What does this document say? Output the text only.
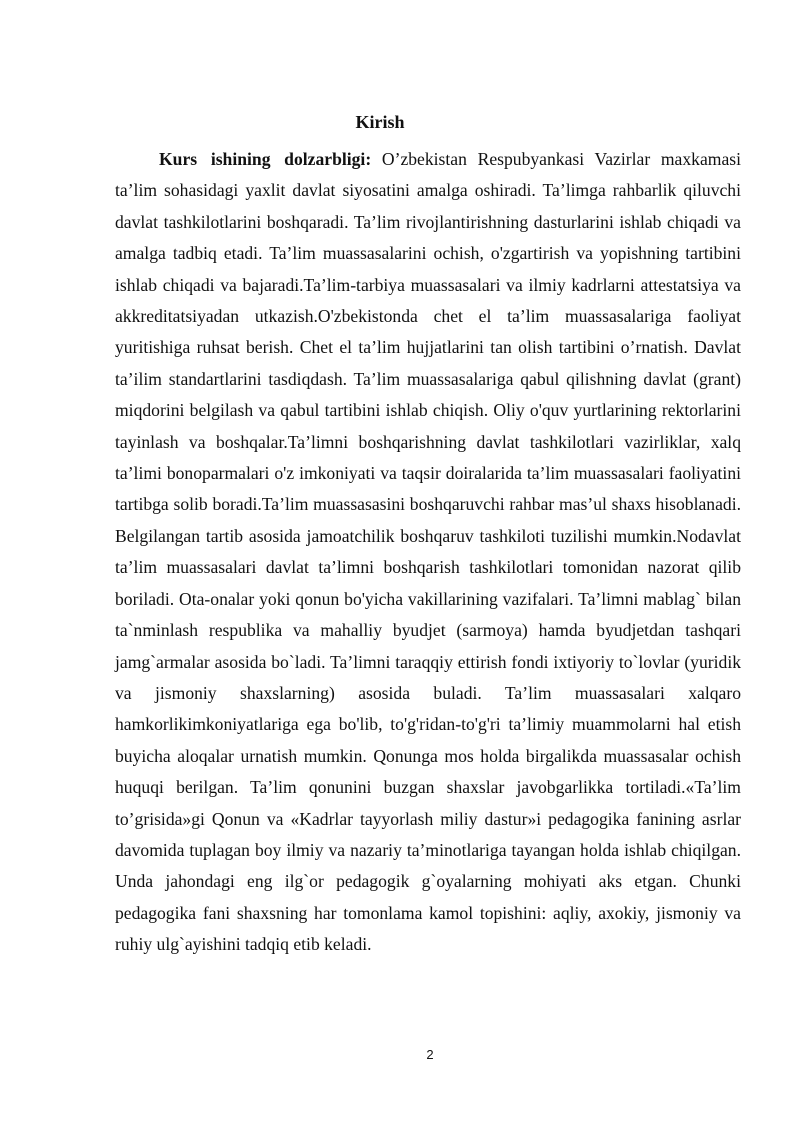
Kirish

Kurs ishining dolzarbligi: O’zbekistan Respubyankasi Vazirlar maxkamasi ta’lim sohasidagi yaxlit davlat siyosatini amalga oshiradi. Ta’limga rahbarlik qiluvchi davlat tashkilotlarini boshqaradi. Ta’lim rivojlantirishning dasturlarini ishlab chiqadi va amalga tadbiq etadi. Ta’lim muassasalarini ochish, o'zgartirish va yopishning tartibini ishlab chiqadi va bajaradi.Ta’lim-tarbiya muassasalari va ilmiy kadrlarni attestatsiya va akkreditatsiyadan utkazish.O'zbekistonda chet el ta’lim muassasalariga faoliyat yuritishiga ruhsat berish. Chet el ta’lim hujjatlarini tan olish tartibini o’rnatish. Davlat ta’ilim standartlarini tasdiqdash. Ta’lim muassasalariga qabul qilishning davlat (grant) miqdorini belgilash va qabul tartibini ishlab chiqish. Oliy o'quv yurtlarining rektorlarini tayinlash va boshqalar.Ta’limni boshqarishning davlat tashkilotlari vazirliklar, xalq ta’limi bonoparmalari o'z imkoniyati va taqsir doiralarida ta’lim muassasalari faoliyatini tartibga solib boradi.Ta’lim muassasasini boshqaruvchi rahbar mas’ul shaxs hisoblanadi. Belgilangan tartib asosida jamoatchilik boshqaruv tashkiloti tuzilishi mumkin.Nodavlat ta’lim muassasalari davlat ta’limni boshqarish tashkilotlari tomonidan nazorat qilib boriladi. Ota-onalar yoki qonun bo'yicha vakillarining vazifalari. Ta’limni mablag` bilan ta`nminlash respublika va mahalliy byudjet (sarmoya) hamda byudjetdan tashqari jamg`armalar asosida bo`ladi. Ta’limni taraqqiy ettirish fondi ixtiyoriy to`lovlar (yuridik va jismoniy shaxslarning) asosida buladi. Ta’lim muassasalari xalqaro hamkorlikimkoniyatlariga ega bo'lib, to'g'ridan-to'g'ri ta’limiy muammolarni hal etish buyicha aloqalar urnatish mumkin. Qonunga mos holda birgalikda muassasalar ochish huquqi berilgan. Ta’lim qonunini buzgan shaxslar javobgarlikka tortiladi.«Ta’lim to’grisida»gi Qonun va «Kadrlar tayyorlash miliy dastur»i pedagogika fanining asrlar davomida tuplagan boy ilmiy va nazariy ta’minotlariga tayangan holda ishlab chiqilgan. Unda jahondagi eng ilg`or pedagogik g`oyalarning mohiyati aks etgan. Chunki pedagogika fani shaxsning har tomonlama kamol topishini: aqliy, axokiy, jismoniy va ruhiy ulg`ayishini tadqiq etib keladi.

2
